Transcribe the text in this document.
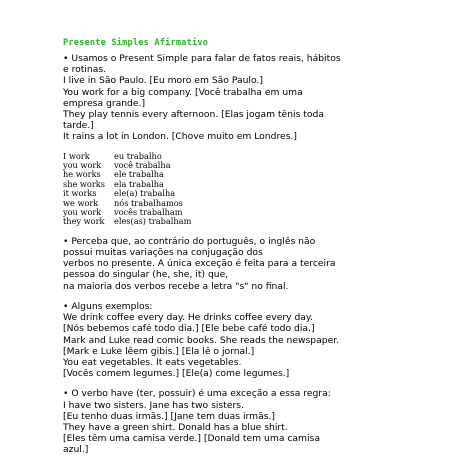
Presente Simples Afirmativo
• Usamos o Present Simple para falar de fatos reais, hábitos
e rotinas.
I live in São Paulo. [Eu moro em São Paulo.]
You work for a big company. [Você trabalha em uma
empresa grande.]
They play tennis every afternoon. [Elas jogam tênis toda
tarde.]
It rains a lot in London. [Chove muito em Londres.]
I work	eu trabalho
you work	você trabalha
he works	ele trabalha
she works	ela trabalha
it works	ele(a) trabalha
we work	nós trabalhamos
you work	vocês trabalham
they work	eles(as) trabalham
• Perceba que, ao contrário do português, o inglês não
possui muitas variações na conjugação dos
verbos no presente. A única exceção é feita para a terceira
pessoa do singular (he, she, it) que,
na maioria dos verbos recebe a letra "s" no final.
• Alguns exemplos:
We drink coffee every day. He drinks coffee every day.
[Nós bebemos café todo dia.] [Ele bebe café todo dia.]
Mark and Luke read comic books. She reads the newspaper.
[Mark e Luke lêem gibis.] [Ela lê o jornal.]
You eat vegetables. It eats vegetables.
[Vocês comem legumes.] [Ele(a) come legumes.]
• O verbo have (ter, possuir) é uma exceção a essa regra:
I have two sisters. Jane has two sisters.
[Eu tenho duas irmãs.] [Jane tem duas irmãs.]
They have a green shirt. Donald has a blue shirt.
[Eles têm uma camisa verde.] [Donald tem uma camisa
azul.]
